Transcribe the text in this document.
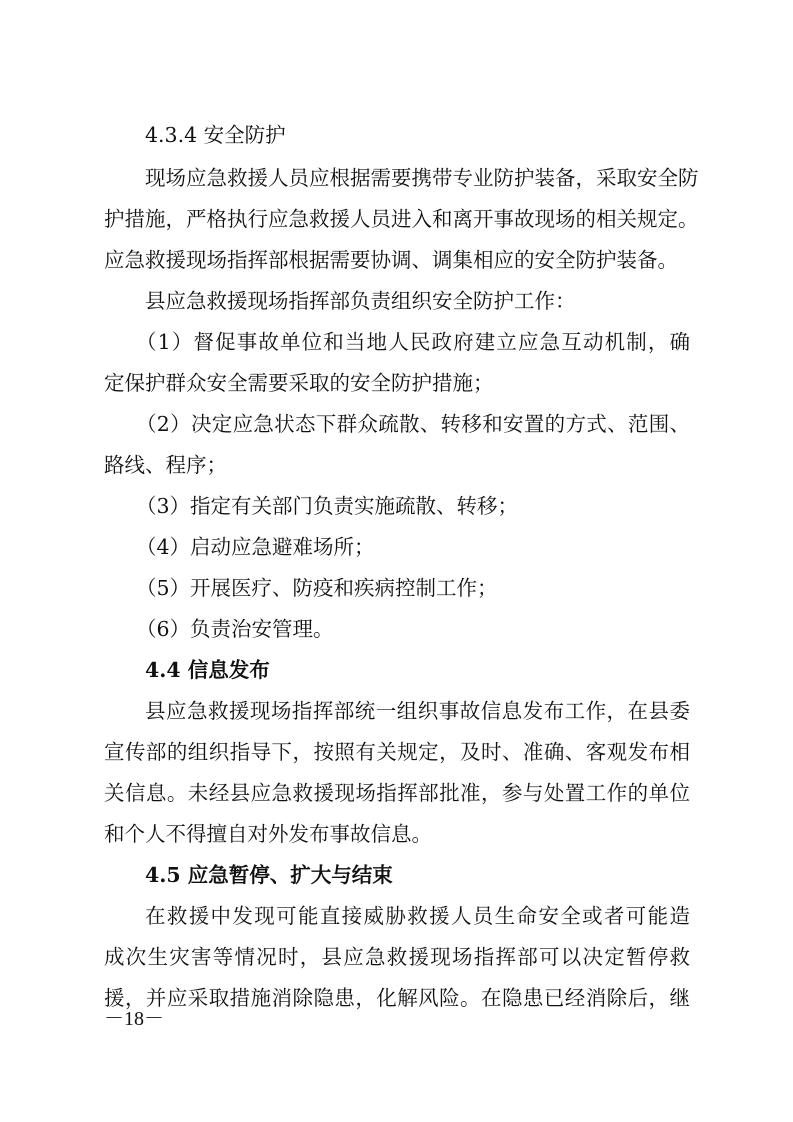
4.3.4 安全防护
现场应急救援人员应根据需要携带专业防护装备，采取安全防
护措施，严格执行应急救援人员进入和离开事故现场的相关规定。
应急救援现场指挥部根据需要协调、调集相应的安全防护装备。
县应急救援现场指挥部负责组织安全防护工作：
（1）督促事故单位和当地人民政府建立应急互动机制，确
定保护群众安全需要采取的安全防护措施；
（2）决定应急状态下群众疏散、转移和安置的方式、范围、
路线、程序；
（3）指定有关部门负责实施疏散、转移；
（4）启动应急避难场所；
（5）开展医疗、防疫和疾病控制工作；
（6）负责治安管理。
4.4 信息发布
县应急救援现场指挥部统一组织事故信息发布工作，在县委
宣传部的组织指导下，按照有关规定，及时、准确、客观发布相
关信息。未经县应急救援现场指挥部批准，参与处置工作的单位
和个人不得擅自对外发布事故信息。
4.5 应急暂停、扩大与结束
在救援中发现可能直接威胁救援人员生命安全或者可能造
成次生灾害等情况时，县应急救援现场指挥部可以决定暂停救
援，并应采取措施消除隐患，化解风险。在隐患已经消除后，继
－18－
